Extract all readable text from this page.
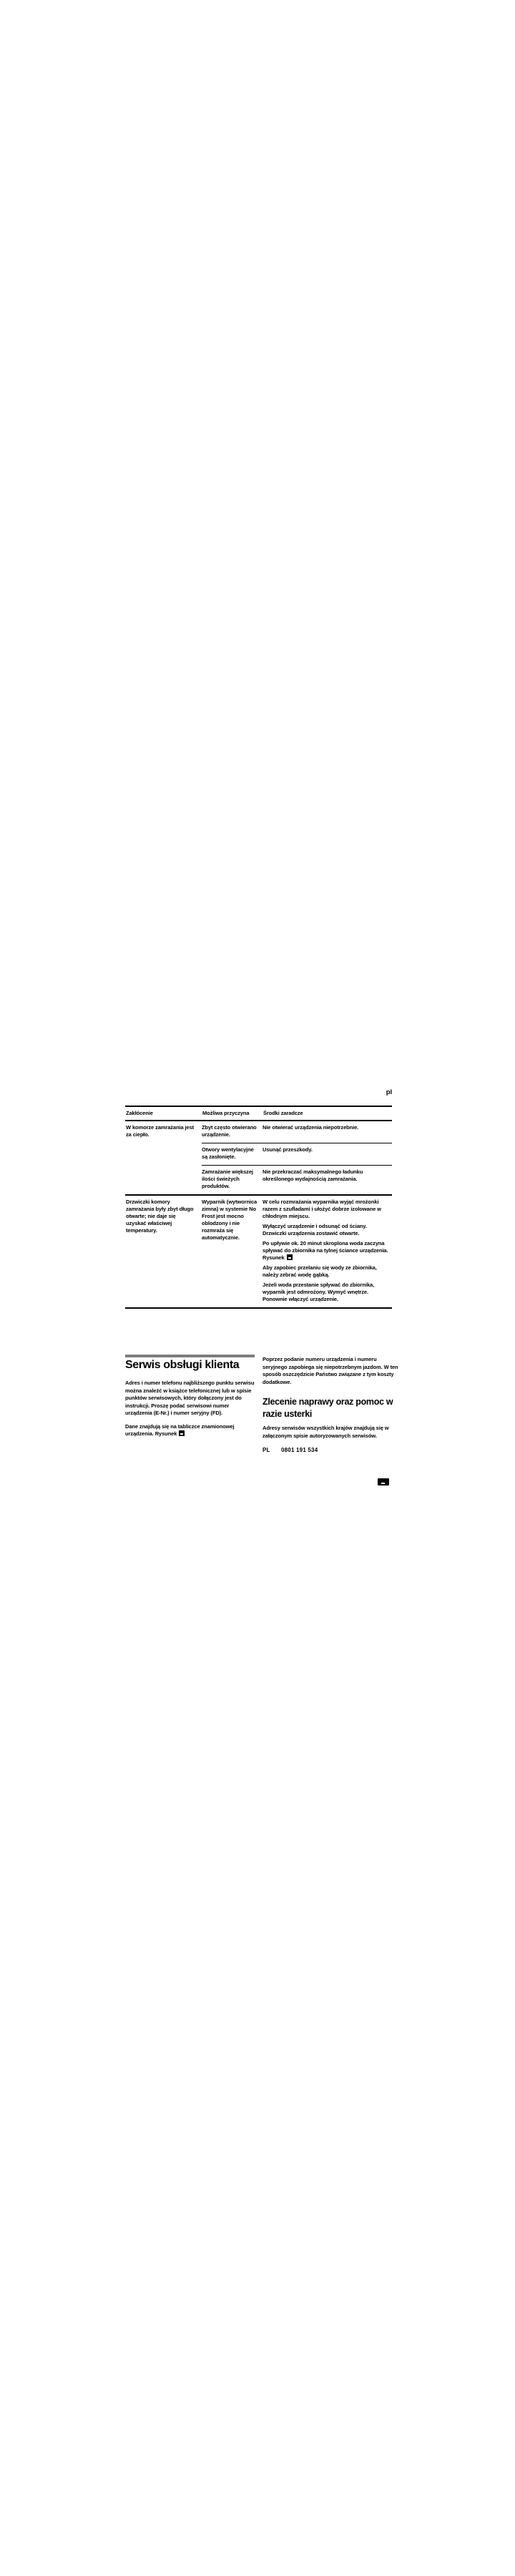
pl
Zakłócenie	Możliwa przyczyna	Środki zaradcze
W komorze zamrażania jest za ciepło.
Zbyt często otwierano urządzenie.

Nie otwierać urządzenia niepotrzebnie.

Otwory wentylacyjne są zasłonięte.

Usunąć przeszkody.

Zamrażanie większej ilości świeżych produktów.

Nie przekraczać maksymalnego ładunku określonego wydajnością zamrażania.

Drzwiczki komory zamrażania były zbyt długo otwarte; nie daje się uzyskać właściwej temperatury.
Wyparnik (wytwornica zimna) w systemie No Frost jest mocno oblodzony i nie rozmraża się automatycznie.

W celu rozmrażania wyparnika wyjąć mrożonki razem z szufladami i ułożyć dobrze izolowane w chłodnym miejscu.

Wyłączyć urządzenie i odsunąć od ściany. Drzwiczki urządzenia zostawić otwarte.

Po upływie ok. 20 minut skroplona woda zaczyna spływać do zbiornika na tylnej ściance urządzenia. Rysunek

Aby zapobiec przelaniu się wody ze zbiornika, należy zebrać wodę gąbką.

Jeżeli woda przestanie spływać do zbiornika, wyparnik jest odmrożony. Wymyć wnętrze. Ponownie włączyć urządzenie.

Serwis obsługi klienta

Adres i numer telefonu najbliższego punktu serwisu można znaleźć w książce telefonicznej lub w spisie punktów serwisowych, który dołączony jest do instrukcji. Proszę podać serwisowi numer urządzenia (E-Nr.) i numer seryjny (FD).

Dane znajdują się na tabliczce znamionowej urządzenia. Rysunek

Poprzez podanie numeru urządzenia i numeru seryjnego zapobiega się niepotrzebnym jazdom. W ten sposób oszczędzicie Państwo związane z tym koszty dodatkowe.

Zlecenie naprawy oraz pomoc w razie usterki

Adresy serwisów wszystkich krajów znajdują się w załączonym spisie autoryzowanych serwisów.

PL 0801 191 534
